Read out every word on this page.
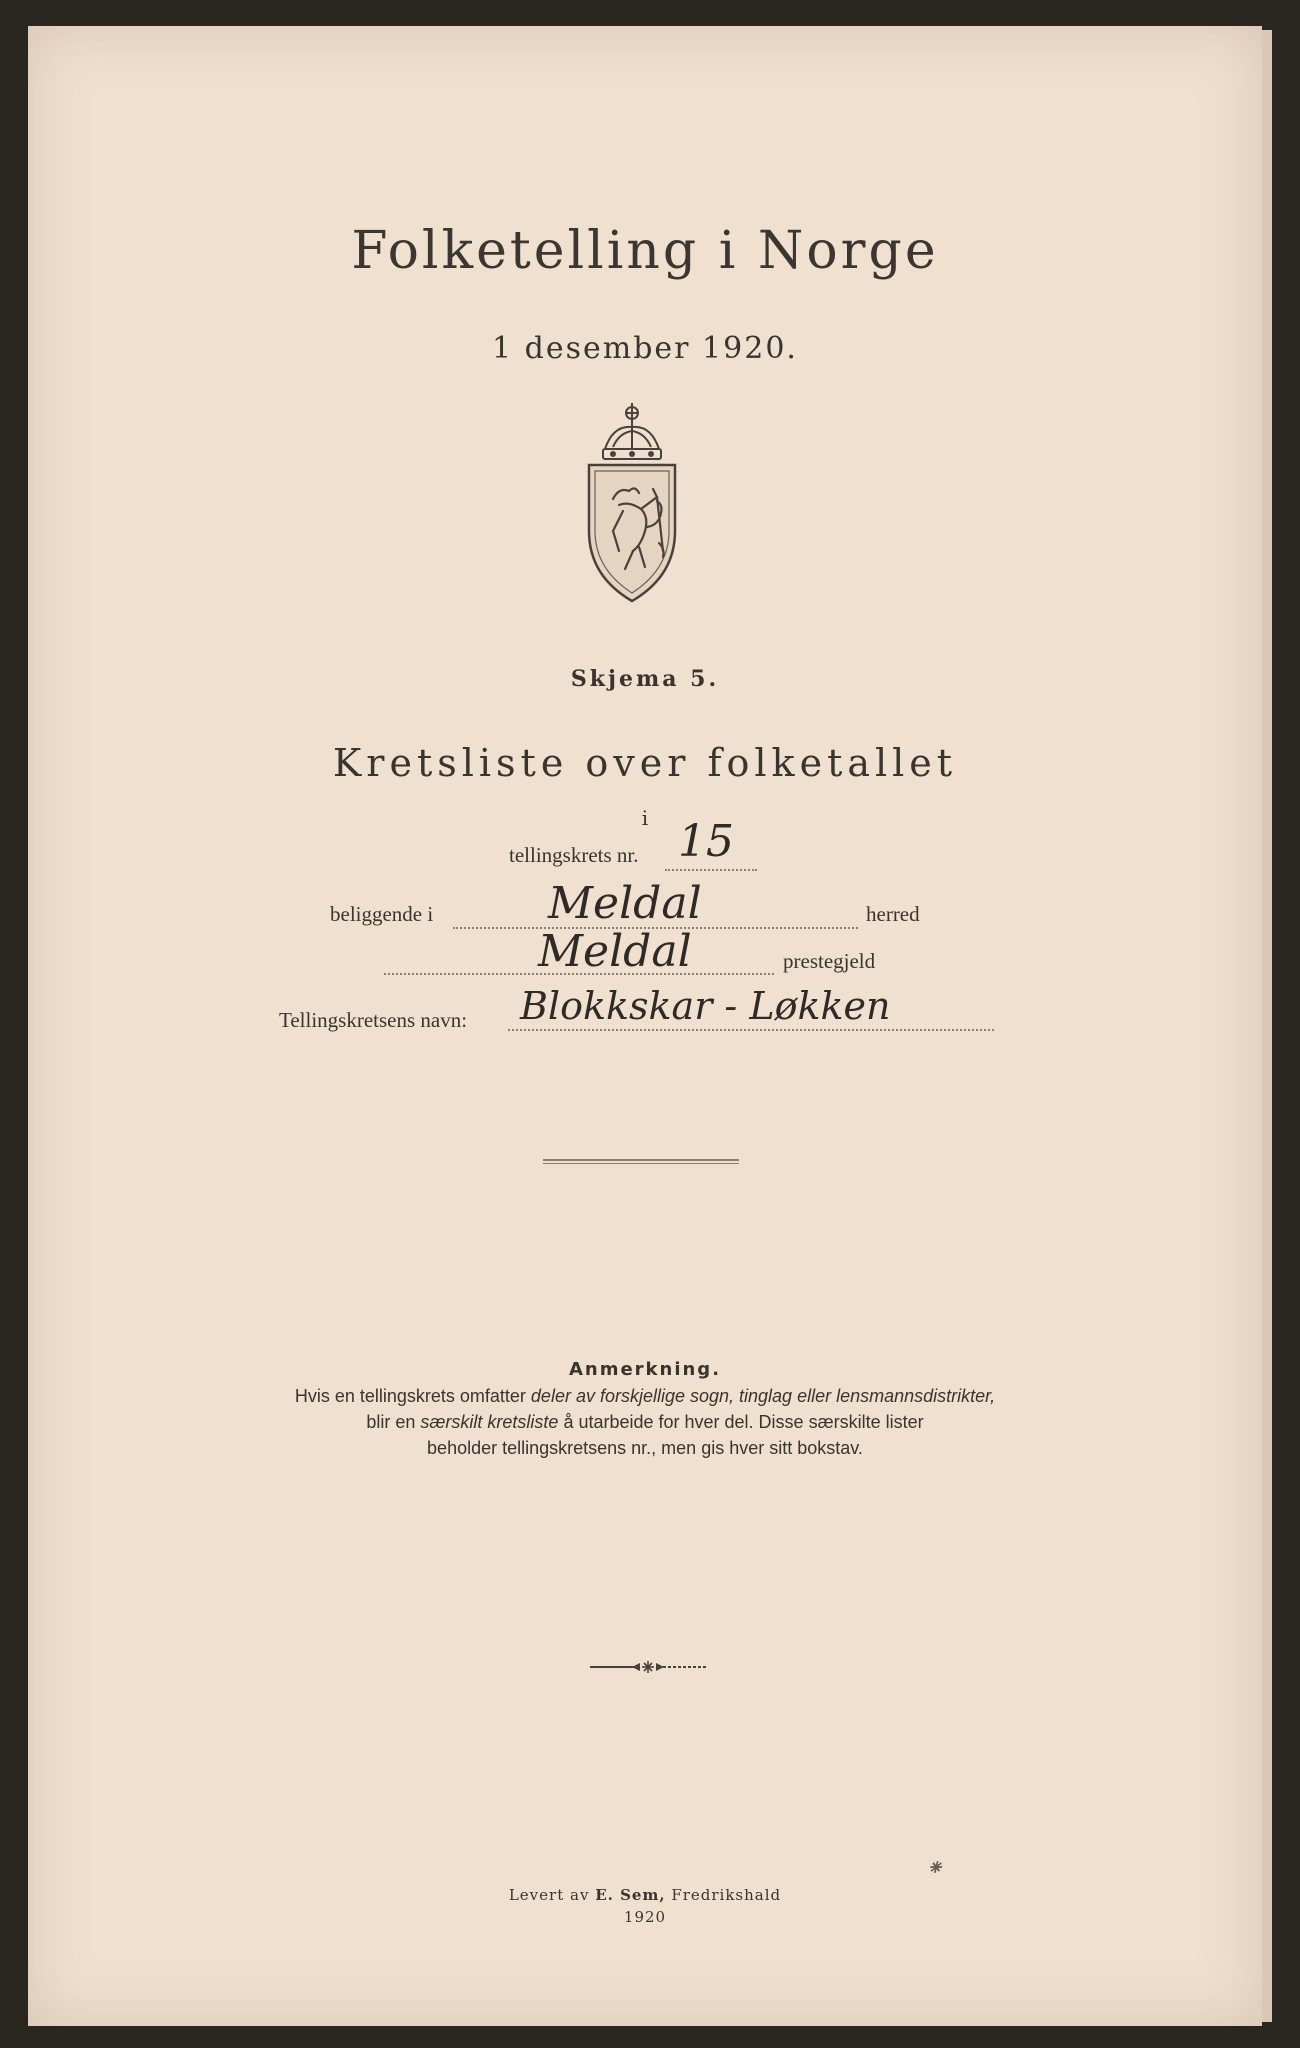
Folketelling i Norge
1 desember 1920.
Skjema 5.
Kretsliste over folketallet
i
tellingskrets nr. 15
beliggende i	Meldal	herred
Meldal	prestegjeld
Tellingskretsens navn: Blokkskar - Løkken
Anmerkning.
Hvis en tellingskrets omfatter deler av forskjellige sogn, tinglag eller lensmannsdistrikter,
blir en særskilt kretsliste å utarbeide for hver del. Disse særskilte lister
beholder tellingskretsens nr., men gis hver sitt bokstav.
Levert av E. Sem, Fredrikshald
1920
⁕
